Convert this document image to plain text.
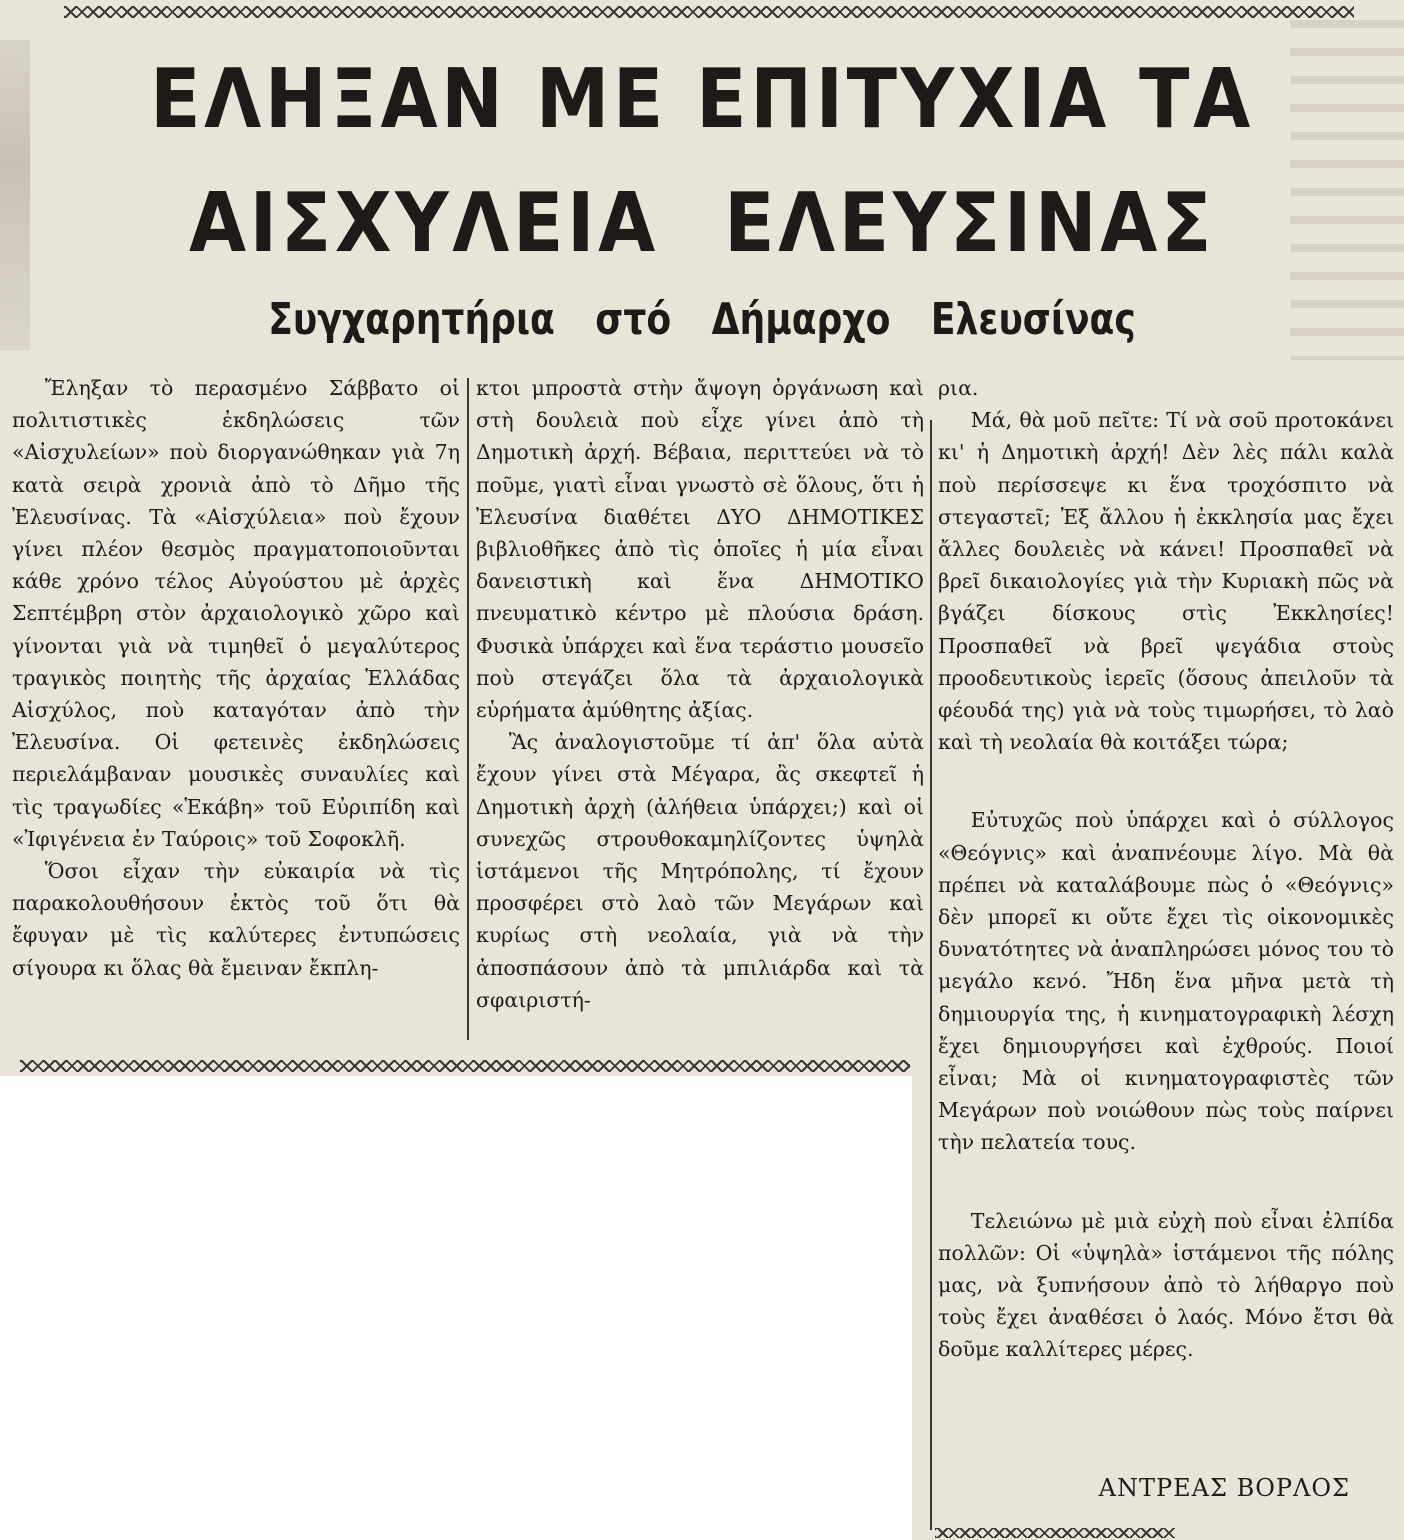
ΕΛΗΞΑΝ ΜΕ ΕΠΙΤΥΧΙΑ ΤΑ
ΑΙΣΧΥΛΕΙΑ ΕΛΕΥΣΙΝΑΣ
Συγχαρητήρια στό Δήμαρχο Ελευσίνας

Ἔληξαν τὸ περασμένο Σάββατο οἱ πολιτιστικὲς ἐκδηλώσεις τῶν «Αἰσχυλείων» ποὺ διοργανώθηκαν γιὰ 7η κατὰ σειρὰ χρονιὰ ἀπὸ τὸ Δῆμο τῆς Ἐλευσίνας. Τὰ «Αἰσχύλεια» ποὺ ἔχουν γίνει πλέον θεσμὸς πραγματοποιοῦνται κάθε χρόνο τέλος Αὐγούστου μὲ ἀρχὲς Σεπτέμβρη στὸν ἀρχαιολογικὸ χῶρο καὶ γίνονται γιὰ νὰ τιμηθεῖ ὁ μεγαλύτερος τραγικὸς ποιητὴς τῆς ἀρχαίας Ἑλλάδας Αἰσχύλος, ποὺ καταγόταν ἀπὸ τὴν Ἐλευσίνα. Οἱ φετεινὲς ἐκδηλώσεις περιελάμβαναν μουσικὲς συναυλίες καὶ τὶς τραγωδίες «Ἑκάβη» τοῦ Εὐριπίδη καὶ «Ἰφιγένεια ἐν Ταύροις» τοῦ Σοφοκλῆ.

Ὅσοι εἶχαν τὴν εὐκαιρία νὰ τὶς παρακολουθήσουν ἐκτὸς τοῦ ὅτι θὰ ἔφυγαν μὲ τὶς καλύτερες ἐντυπώσεις σίγουρα κι ὅλας θὰ ἔμειναν ἔκπλη-

κτοι μπροστὰ στὴν ἄψογη ὀργάνωση καὶ στὴ δουλειὰ ποὺ εἶχε γίνει ἀπὸ τὴ Δημοτικὴ ἀρχή. Βέβαια, περιττεύει νὰ τὸ ποῦμε, γιατὶ εἶναι γνωστὸ σὲ ὅλους, ὅτι ἡ Ἐλευσίνα διαθέτει ΔΥΟ ΔΗΜΟΤΙΚΕΣ βιβλιοθῆκες ἀπὸ τὶς ὁποῖες ἡ μία εἶναι δανειστικὴ καὶ ἕνα ΔΗΜΟΤΙΚΟ πνευματικὸ κέντρο μὲ πλούσια δράση. Φυσικὰ ὑπάρχει καὶ ἕνα τεράστιο μουσεῖο ποὺ στεγάζει ὅλα τὰ ἀρχαιολογικὰ εὑρήματα ἀμύθητης ἀξίας.

Ἂς ἀναλογιστοῦμε τί ἀπ' ὅλα αὐτὰ ἔχουν γίνει στὰ Μέγαρα, ἂς σκεφτεῖ ἡ Δημοτικὴ ἀρχὴ (ἀλήθεια ὑπάρχει;) καὶ οἱ συνεχῶς στρουθοκαμηλίζοντες ὑψηλὰ ἱστάμενοι τῆς Μητρόπολης, τί ἔχουν προσφέρει στὸ λαὸ τῶν Μεγάρων καὶ κυρίως στὴ νεολαία, γιὰ νὰ τὴν ἀποσπάσουν ἀπὸ τὰ μπιλιάρδα καὶ τὰ σφαιριστή-

ρια.

Μά, θὰ μοῦ πεῖτε: Τί νὰ σοῦ προτοκάνει κι' ἡ Δημοτικὴ ἀρχή! Δὲν λὲς πάλι καλὰ ποὺ περίσσεψε κι ἕνα τροχόσπιτο νὰ στεγαστεῖ; Ἐξ ἄλλου ἡ ἐκκλησία μας ἔχει ἄλλες δουλειὲς νὰ κάνει! Προσπαθεῖ νὰ βρεῖ δικαιολογίες γιὰ τὴν Κυριακὴ πῶς νὰ βγάζει δίσκους στὶς Ἐκκλησίες! Προσπαθεῖ νὰ βρεῖ ψεγάδια στοὺς προοδευτικοὺς ἱερεῖς (ὅσους ἀπειλοῦν τὰ φέουδά της) γιὰ νὰ τοὺς τιμωρήσει, τὸ λαὸ καὶ τὴ νεολαία θὰ κοιτάξει τώρα;

Εὐτυχῶς ποὺ ὑπάρχει καὶ ὁ σύλλογος «Θεόγνις» καὶ ἀναπνέουμε λίγο. Μὰ θὰ πρέπει νὰ καταλάβουμε πὼς ὁ «Θεόγνις» δὲν μπορεῖ κι οὔτε ἔχει τὶς οἰκονομικὲς δυνατότητες νὰ ἀναπληρώσει μόνος του τὸ μεγάλο κενό. Ἤδη ἕνα μῆνα μετὰ τὴ δημιουργία της, ἡ κινηματογραφικὴ λέσχη ἔχει δημιουργήσει καὶ ἐχθρούς. Ποιοί εἶναι; Μὰ οἱ κινηματογραφιστὲς τῶν Μεγάρων ποὺ νοιώθουν πὼς τοὺς παίρνει τὴν πελατεία τους.

Τελειώνω μὲ μιὰ εὐχὴ ποὺ εἶναι ἐλπίδα πολλῶν: Οἱ «ὑψηλὰ» ἱστάμενοι τῆς πόλης μας, νὰ ξυπνήσουν ἀπὸ τὸ λήθαργο ποὺ τοὺς ἔχει ἀναθέσει ὁ λαός. Μόνο ἔτσι θὰ δοῦμε καλλίτερες μέρες.

ΑΝΤΡΕΑΣ ΒΟΡΛΟΣ
